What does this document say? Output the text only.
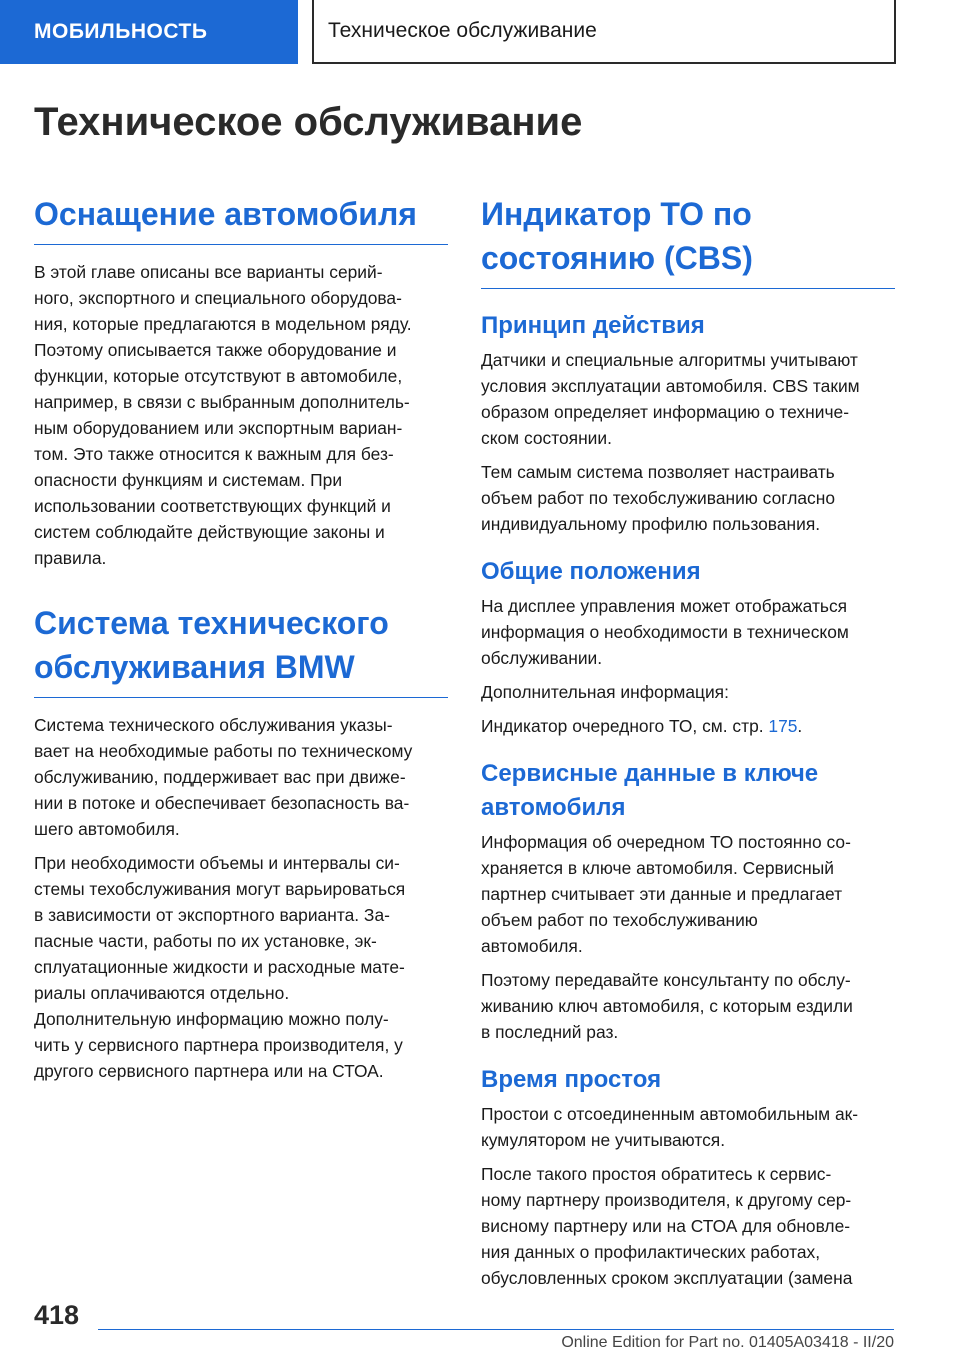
МОБИЛЬНОСТЬ	Техническое обслуживание
Техническое обслуживание
Оснащение автомобиля

В этой главе описаны все варианты серий-
ного, экспортного и специального оборудова-
ния, которые предлагаются в модельном ряду.
Поэтому описывается также оборудование и
функции, которые отсутствуют в автомобиле,
например, в связи с выбранным дополнитель-
ным оборудованием или экспортным вариан-
том. Это также относится к важным для без-
опасности функциям и системам. При
использовании соответствующих функций и
систем соблюдайте действующие законы и
правила.

Система технического
обслуживания BMW

Система технического обслуживания указы-
вает на необходимые работы по техническому
обслуживанию, поддерживает вас при движе-
нии в потоке и обеспечивает безопасность ва-
шего автомобиля.

При необходимости объемы и интервалы си-
стемы техобслуживания могут варьироваться
в зависимости от экспортного варианта. За-
пасные части, работы по их установке, эк-
сплуатационные жидкости и расходные мате-
риалы оплачиваются отдельно.
Дополнительную информацию можно полу-
чить у сервисного партнера производителя, у
другого сервисного партнера или на СТОА.

Индикатор ТО по
состоянию (CBS)
Принцип действия

Датчики и специальные алгоритмы учитывают
условия эксплуатации автомобиля. CBS таким
образом определяет информацию о техниче-
ском состоянии.

Тем самым система позволяет настраивать
объем работ по техобслуживанию согласно
индивидуальному профилю пользования.

Общие положения

На дисплее управления может отображаться
информация о необходимости в техническом
обслуживании.

Дополнительная информация:

Индикатор очередного ТО, см. стр. 175.

Сервисные данные в ключе
автомобиля

Информация об очередном ТО постоянно со-
храняется в ключе автомобиля. Сервисный
партнер считывает эти данные и предлагает
объем работ по техобслуживанию
автомобиля.

Поэтому передавайте консультанту по обслу-
живанию ключ автомобиля, с которым ездили
в последний раз.

Время простоя

Простои с отсоединенным автомобильным ак-
кумулятором не учитываются.

После такого простоя обратитесь к сервис-
ному партнеру производителя, к другому сер-
висному партнеру или на СТОА для обновле-
ния данных о профилактических работах,
обусловленных сроком эксплуатации (замена

418
Online Edition for Part no. 01405A03418 - II/20
